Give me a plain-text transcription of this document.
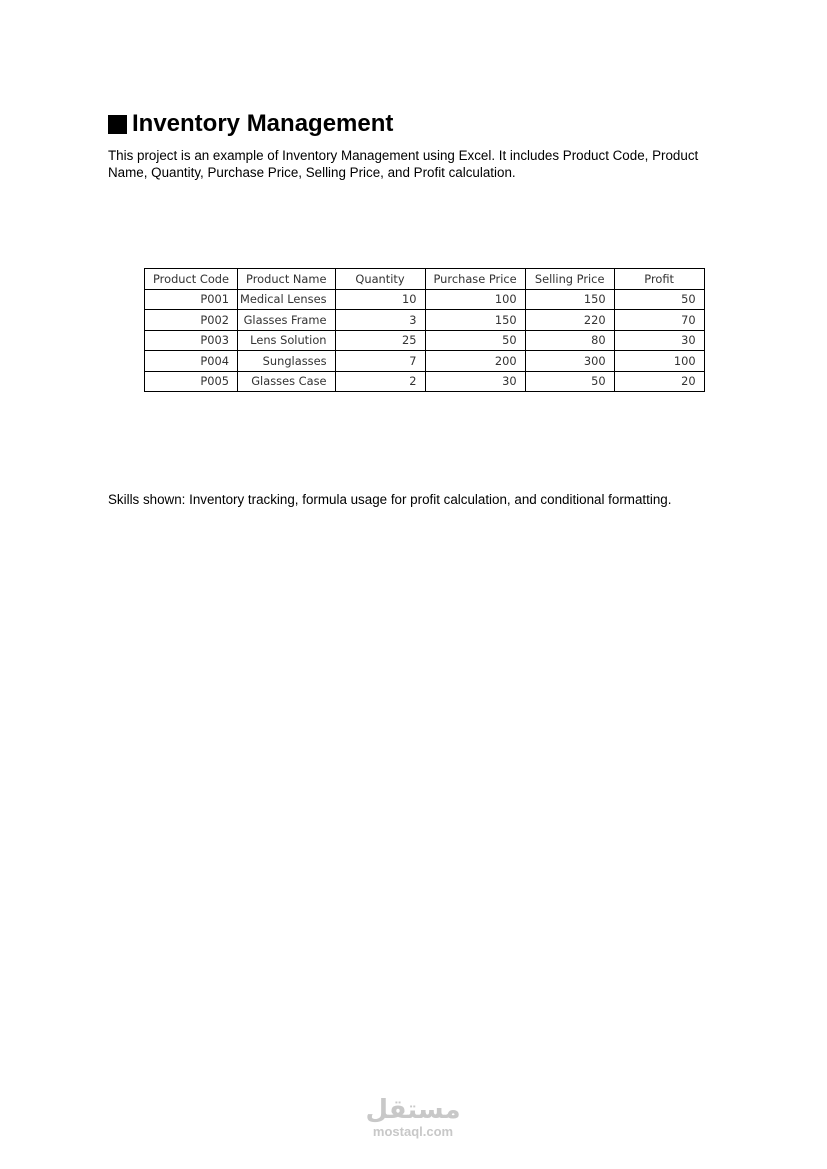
Inventory Management
This project is an example of Inventory Management using Excel. It includes Product Code, Product Name, Quantity, Purchase Price, Selling Price, and Profit calculation.
Product Code	Product Name	Quantity	Purchase Price	Selling Price	Profit
P001	Medical Lenses	10	100	150	50
P002	Glasses Frame	3	150	220	70
P003	Lens Solution	25	50	80	30
P004	Sunglasses	7	200	300	100
P005	Glasses Case	2	30	50	20
Skills shown: Inventory tracking, formula usage for profit calculation, and conditional formatting.
مستقل
mostaql.com
